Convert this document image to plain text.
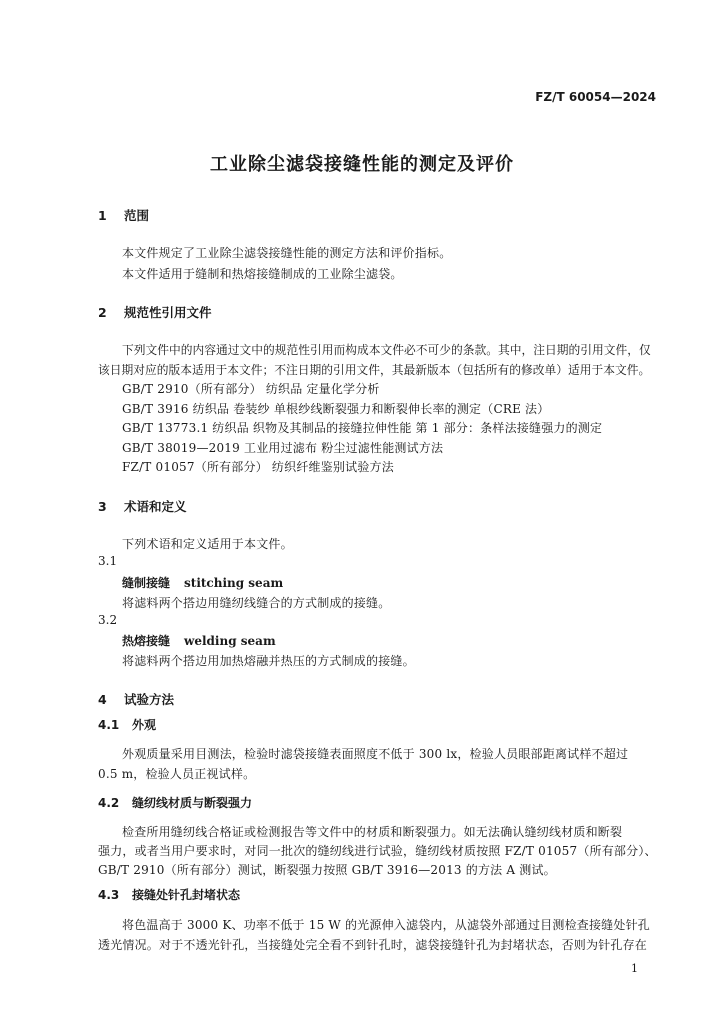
FZ/T 60054—2024
工业除尘滤袋接缝性能的测定及评价
1 范围
本文件规定了工业除尘滤袋接缝性能的测定方法和评价指标。
本文件适用于缝制和热熔接缝制成的工业除尘滤袋。
2 规范性引用文件
下列文件中的内容通过文中的规范性引用而构成本文件必不可少的条款。其中，注日期的引用文件，仅
该日期对应的版本适用于本文件；不注日期的引用文件，其最新版本（包括所有的修改单）适用于本文件。
GB/T 2910（所有部分） 纺织品 定量化学分析
GB/T 3916 纺织品 卷装纱 单根纱线断裂强力和断裂伸长率的测定（CRE 法）
GB/T 13773.1 纺织品 织物及其制品的接缝拉伸性能 第 1 部分：条样法接缝强力的测定
GB/T 38019—2019 工业用过滤布 粉尘过滤性能测试方法
FZ/T 01057（所有部分） 纺织纤维鉴别试验方法
3 术语和定义
下列术语和定义适用于本文件。
3.1
缝制接缝 stitching seam
将滤料两个搭边用缝纫线缝合的方式制成的接缝。
3.2
热熔接缝 welding seam
将滤料两个搭边用加热熔融并热压的方式制成的接缝。
4 试验方法
4.1 外观
外观质量采用目测法，检验时滤袋接缝表面照度不低于 300 lx，检验人员眼部距离试样不超过
0.5 m，检验人员正视试样。
4.2 缝纫线材质与断裂强力
检查所用缝纫线合格证或检测报告等文件中的材质和断裂强力。如无法确认缝纫线材质和断裂
强力，或者当用户要求时，对同一批次的缝纫线进行试验，缝纫线材质按照 FZ/T 01057（所有部分）、
GB/T 2910（所有部分）测试，断裂强力按照 GB/T 3916—2013 的方法 A 测试。
4.3 接缝处针孔封堵状态
将色温高于 3000 K、功率不低于 15 W 的光源伸入滤袋内，从滤袋外部通过目测检查接缝处针孔
透光情况。对于不透光针孔，当接缝处完全看不到针孔时，滤袋接缝针孔为封堵状态，否则为针孔存在
1
